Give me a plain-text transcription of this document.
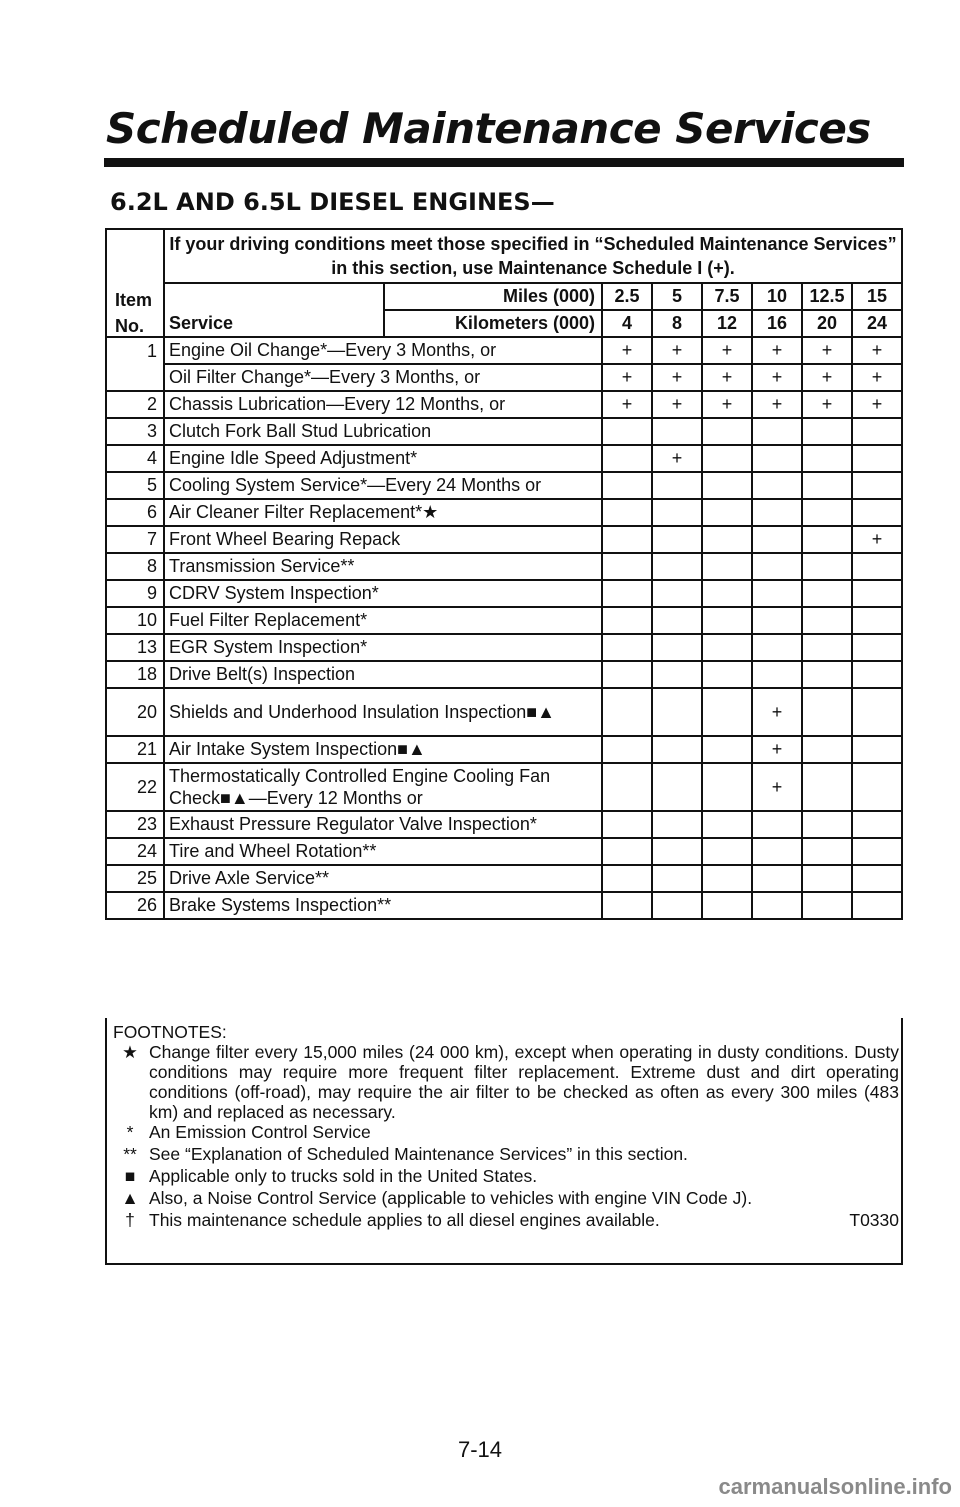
Scheduled Maintenance Services
6.2L AND 6.5L DIESEL ENGINES—
	If your driving conditions meet those specified in “Scheduled Maintenance Services” in this section, use Maintenance Schedule I (+).							
Item		Miles (000)	2.5	5	7.5	10	12.5	15
No.	Service	Kilometers (000)	4	8	12	16	20	24
1	Engine Oil Change*—Every 3 Months, or		+	+	+	+	+	+
	Oil Filter Change*—Every 3 Months, or		+	+	+	+	+	+
2	Chassis Lubrication—Every 12 Months, or		+	+	+	+	+	+
3	Clutch Fork Ball Stud Lubrication							
4	Engine Idle Speed Adjustment*			+				
5	Cooling System Service*—Every 24 Months or							
6	Air Cleaner Filter Replacement*★							
7	Front Wheel Bearing Repack							+
8	Transmission Service**							
9	CDRV System Inspection*							
10	Fuel Filter Replacement*							
13	EGR System Inspection*							
18	Drive Belt(s) Inspection							
20	Shields and Underhood Insulation Inspection■▲					+		
21	Air Intake System Inspection■▲					+		
22	Thermostatically Controlled Engine Cooling Fan Check■▲—Every 12 Months or					+		
23	Exhaust Pressure Regulator Valve Inspection*							
24	Tire and Wheel Rotation**							
25	Drive Axle Service**							
26	Brake Systems Inspection**							
FOOTNOTES:
★ Change filter every 15,000 miles (24 000 km), except when operating in dusty conditions. Dusty conditions may require more frequent filter replacement. Extreme dust and dirt operating conditions (off-road), may require the air filter to be checked as often as every 300 miles (483 km) and replaced as necessary.
* An Emission Control Service
** See “Explanation of Scheduled Maintenance Services” in this section.
■ Applicable only to trucks sold in the United States.
▲ Also, a Noise Control Service (applicable to vehicles with engine VIN Code J).
† This maintenance schedule applies to all diesel engines available.	T0330
7-14
carmanualsonline.info
